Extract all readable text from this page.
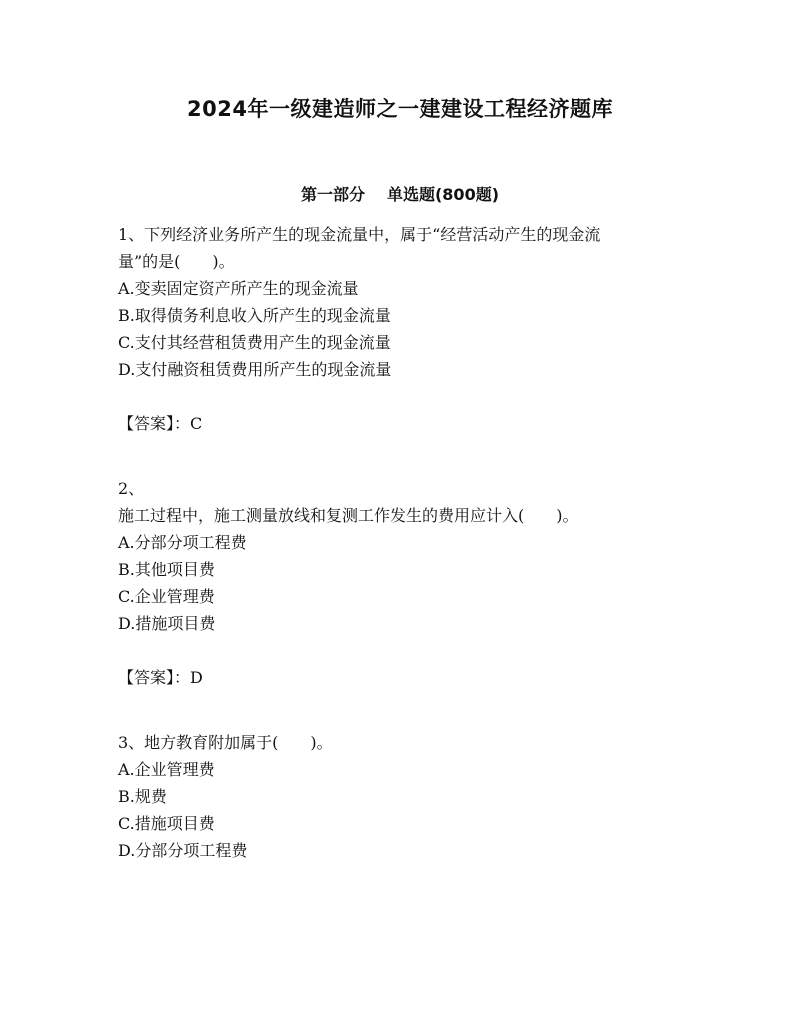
2024年一级建造师之一建建设工程经济题库
第一部分 单选题(800题)

1、下列经济业务所产生的现金流量中，属于“经营活动产生的现金流
量”的是(　　)。

A.变卖固定资产所产生的现金流量

B.取得债务利息收入所产生的现金流量

C.支付其经营租赁费用产生的现金流量

D.支付融资租赁费用所产生的现金流量

【答案】：C

2、
施工过程中，施工测量放线和复测工作发生的费用应计入(　　)。

A.分部分项工程费

B.其他项目费

C.企业管理费

D.措施项目费

【答案】：D

3、地方教育附加属于(　　)。

A.企业管理费

B.规费

C.措施项目费

D.分部分项工程费
